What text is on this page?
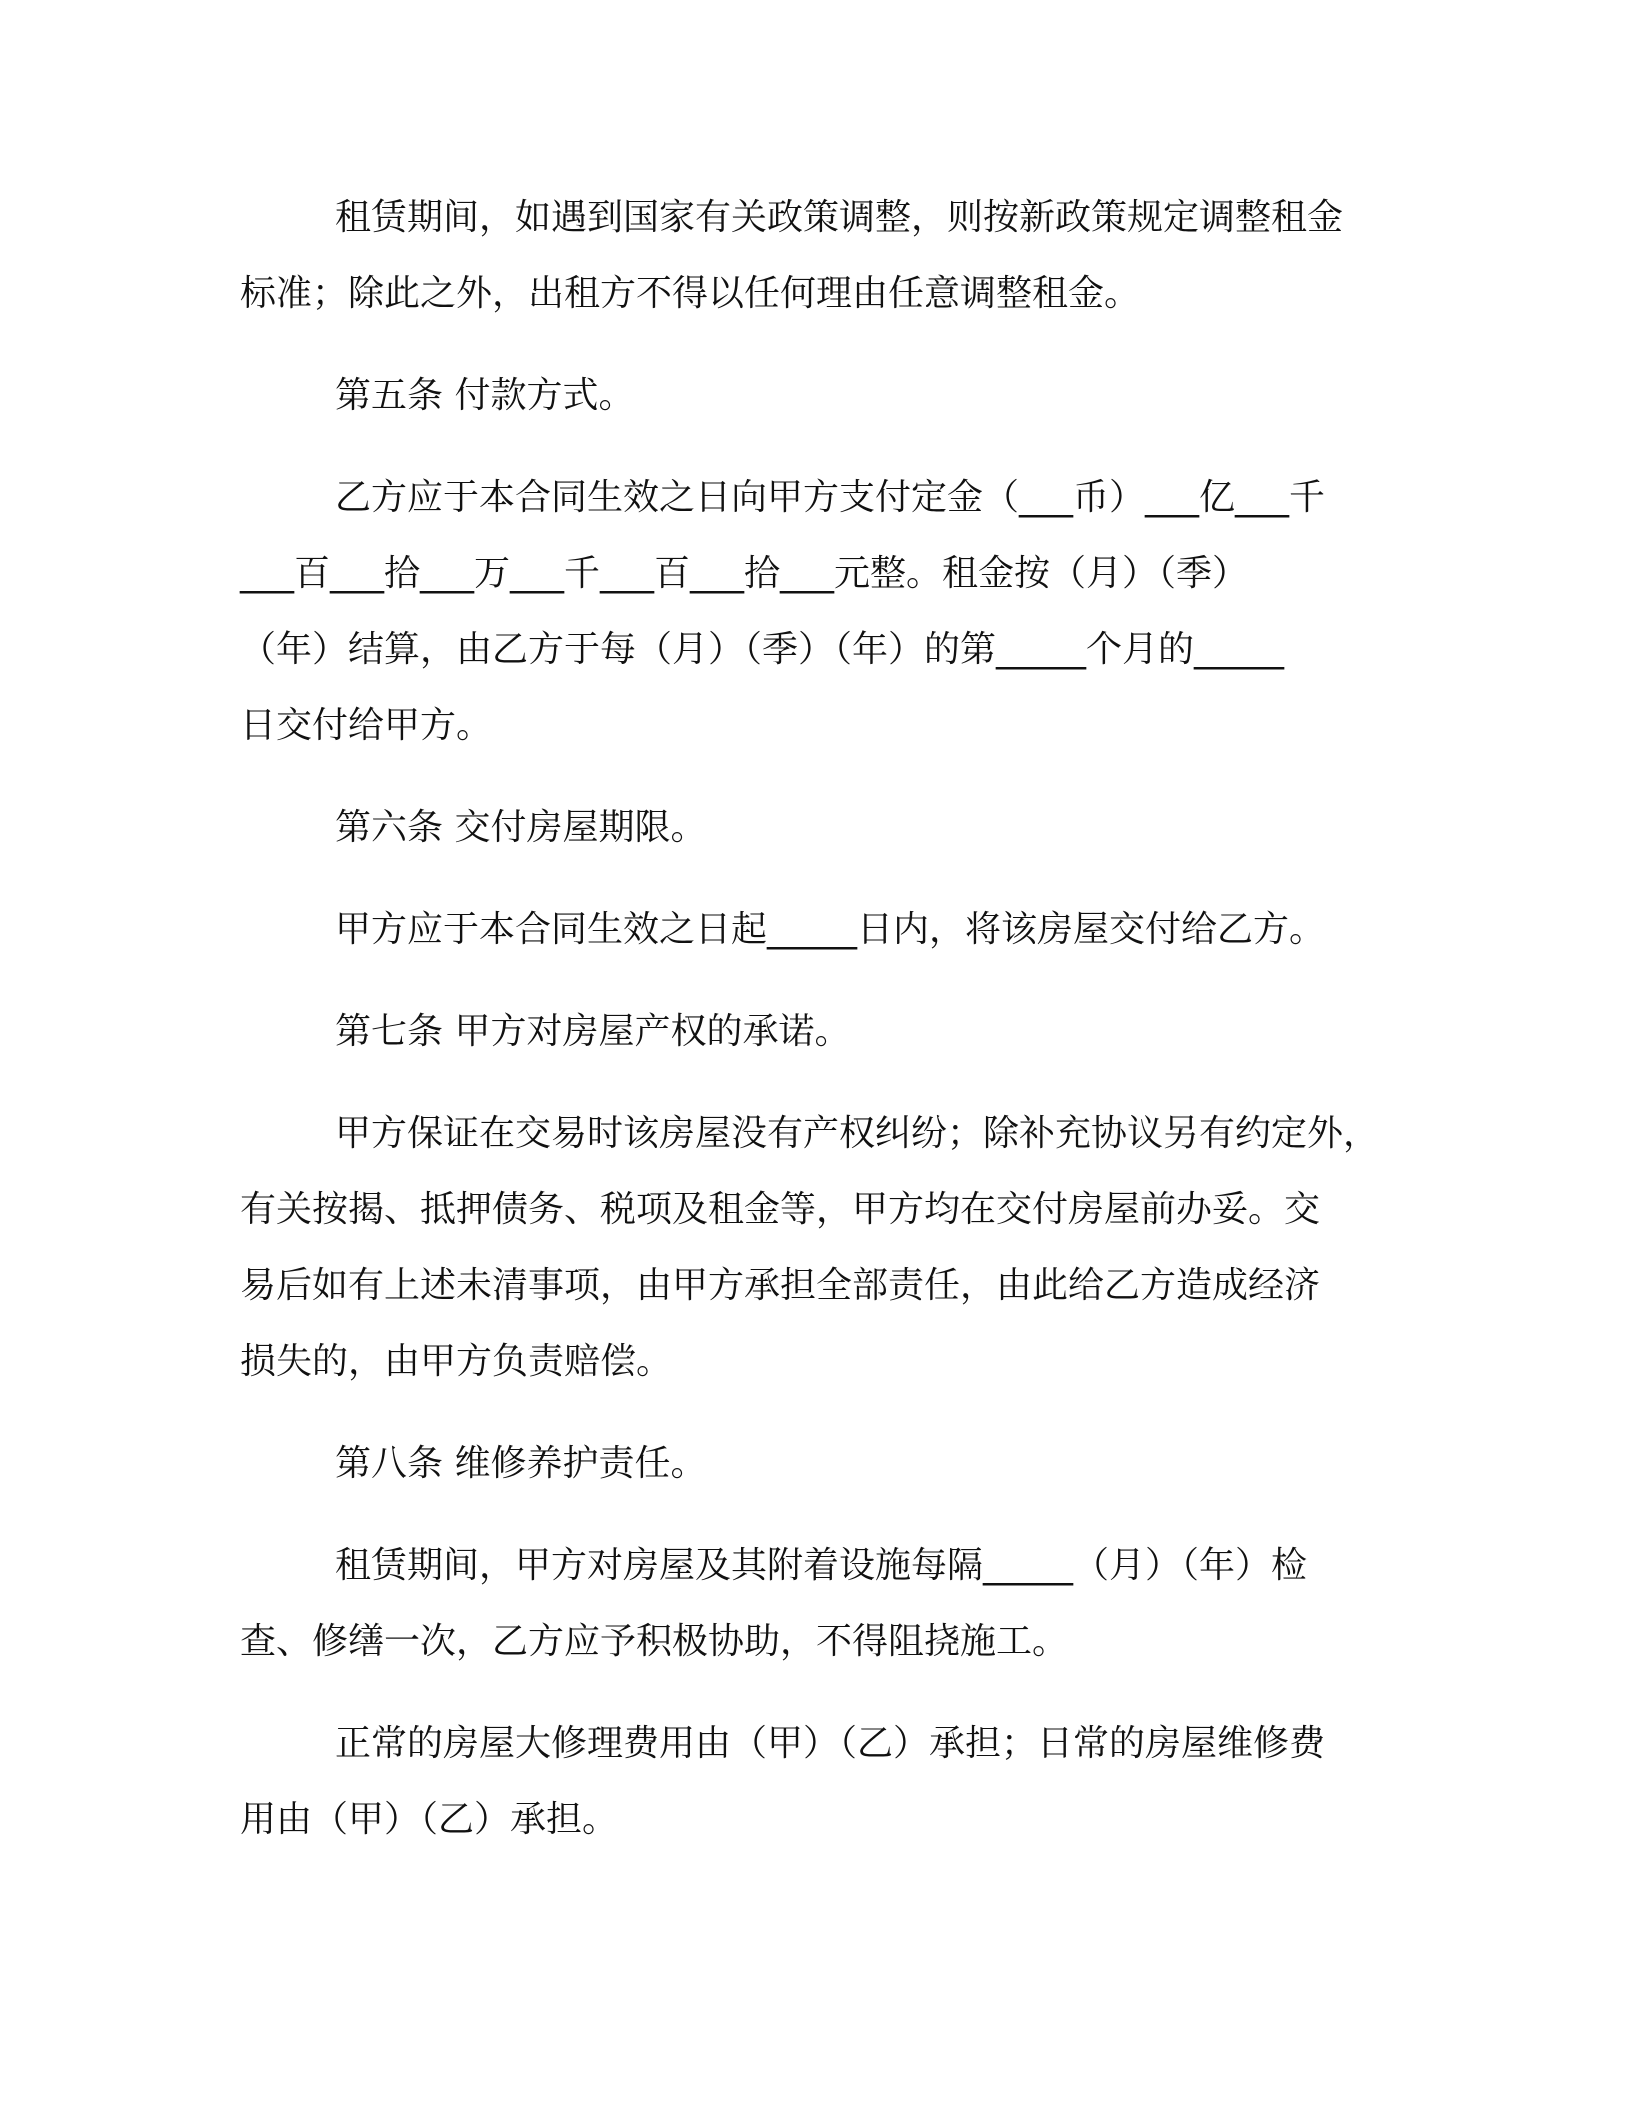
租赁期间，如遇到国家有关政策调整，则按新政策规定调整租金
标准；除此之外，出租方不得以任何理由任意调整租金。
第五条 付款方式。
乙方应于本合同生效之日向甲方支付定金（___币）___亿___千
___百___拾___万___千___百___拾___元整。租金按（月）（季）
（年）结算，由乙方于每（月）（季）（年）的第_____个月的_____
日交付给甲方。
第六条 交付房屋期限。
甲方应于本合同生效之日起_____日内，将该房屋交付给乙方。
第七条 甲方对房屋产权的承诺。
甲方保证在交易时该房屋没有产权纠纷；除补充协议另有约定外，
有关按揭、抵押债务、税项及租金等，甲方均在交付房屋前办妥。交
易后如有上述未清事项，由甲方承担全部责任，由此给乙方造成经济
损失的，由甲方负责赔偿。
第八条 维修养护责任。
租赁期间，甲方对房屋及其附着设施每隔_____（月）（年）检
查、修缮一次，乙方应予积极协助，不得阻挠施工。
正常的房屋大修理费用由（甲）（乙）承担；日常的房屋维修费
用由（甲）（乙）承担。
